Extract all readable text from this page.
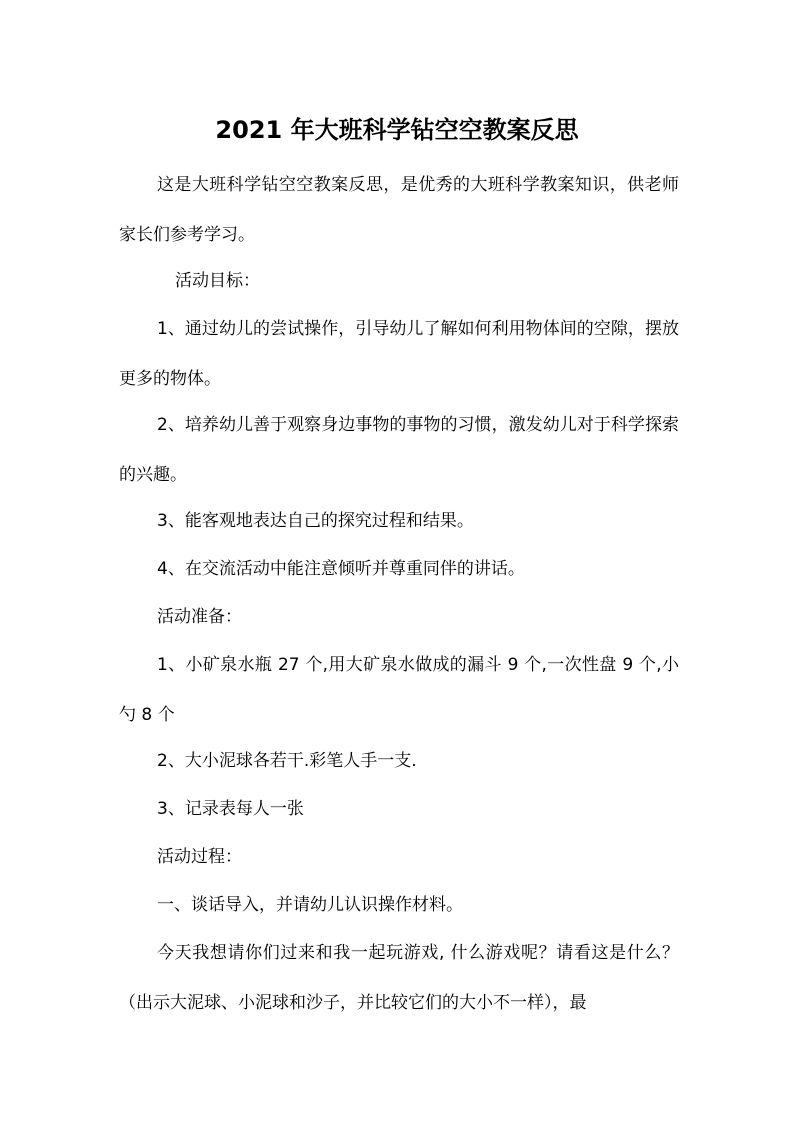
2021 年大班科学钻空空教案反思

这是大班科学钻空空教案反思，是优秀的大班科学教案知识，供老师家长们参考学习。

活动目标：

1、通过幼儿的尝试操作，引导幼儿了解如何利用物体间的空隙，摆放更多的物体。

2、培养幼儿善于观察身边事物的事物的习惯，激发幼儿对于科学探索的兴趣。

3、能客观地表达自己的探究过程和结果。

4、在交流活动中能注意倾听并尊重同伴的讲话。

活动准备：

1、小矿泉水瓶 27 个,用大矿泉水做成的漏斗 9 个,一次性盘 9 个,小勺 8 个

2、大小泥球各若干.彩笔人手一支.

3、记录表每人一张

活动过程：

一、谈话导入，并请幼儿认识操作材料。

今天我想请你们过来和我一起玩游戏, 什么游戏呢？请看这是什么？（出示大泥球、小泥球和沙子，并比较它们的大小不一样），最
